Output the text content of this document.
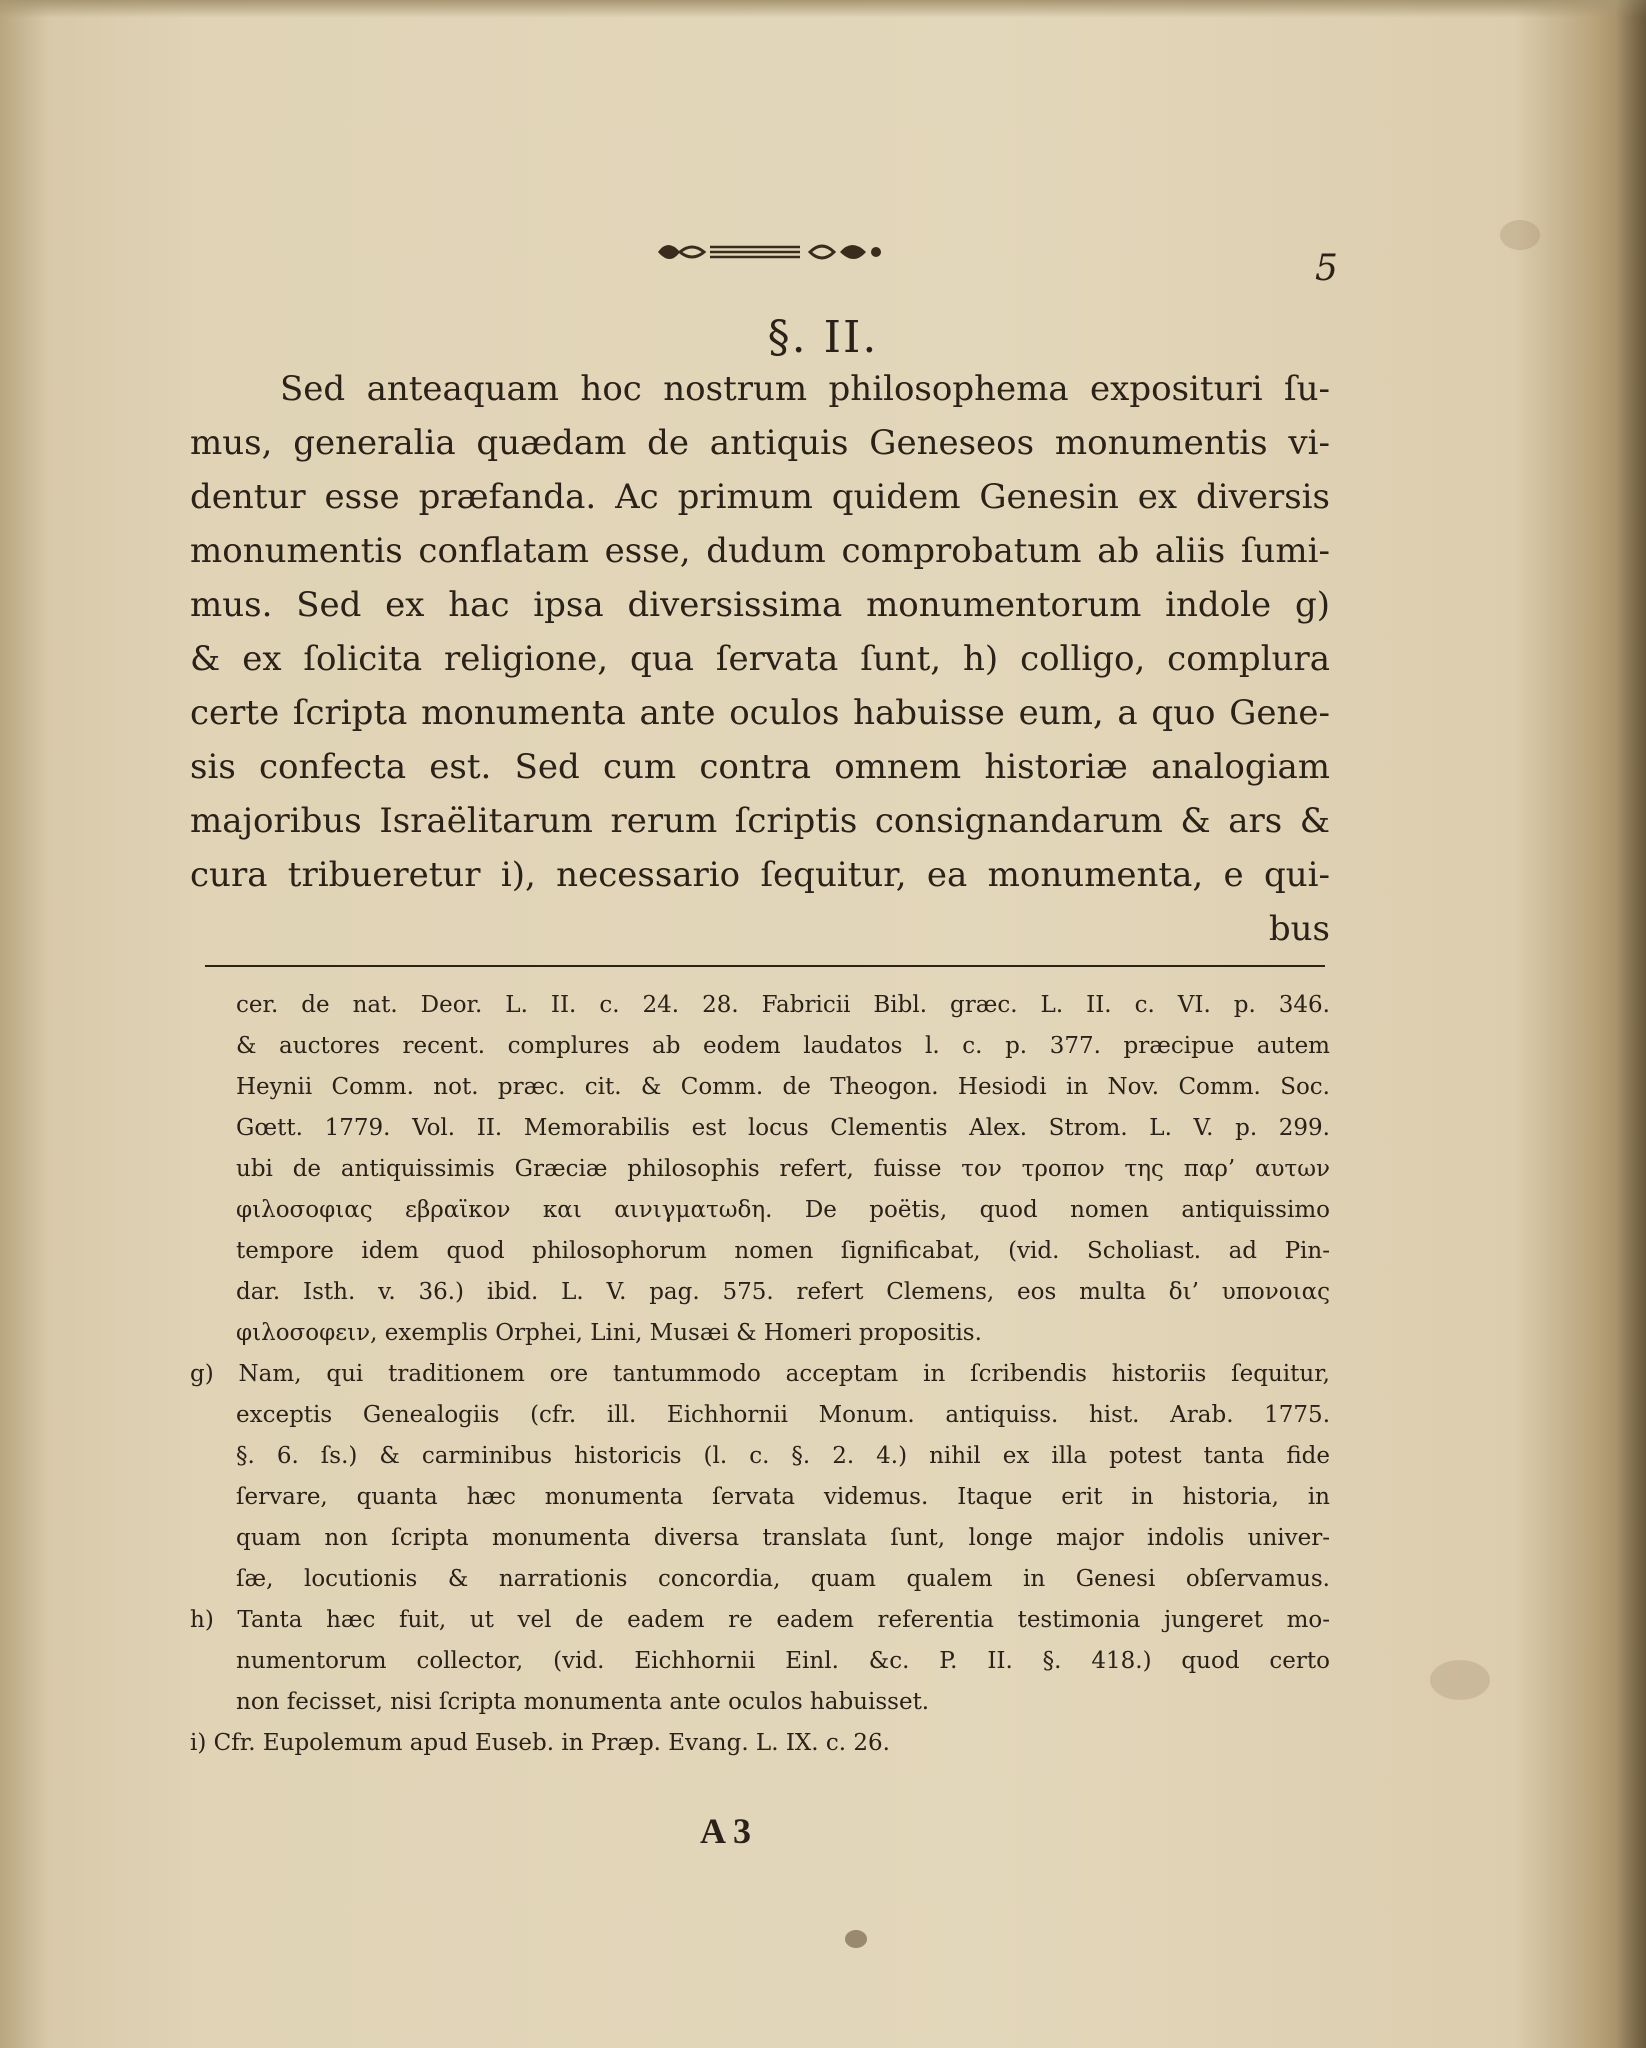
5
§. II.
Sed anteaquam hoc nostrum philosophema exposituri ſu-
mus, generalia quædam de antiquis Geneseos monumentis vi-
dentur esse præfanda. Ac primum quidem Genesin ex diversis
monumentis conflatam esse, dudum comprobatum ab aliis ſumi-
mus. Sed ex hac ipsa diversissima monumentorum indole g)
& ex ſolicita religione, qua ſervata ſunt, h) colligo, complura
certe ſcripta monumenta ante oculos habuisse eum, a quo Gene-
sis confecta est. Sed cum contra omnem historiæ analogiam
majoribus Israëlitarum rerum ſcriptis consignandarum & ars &
cura tribueretur i), necessario ſequitur, ea monumenta, e qui-
bus
cer. de nat. Deor. L. II. c. 24. 28. Fabricii Bibl. græc. L. II. c. VI. p. 346.
& auctores recent. complures ab eodem laudatos l. c. p. 377. præcipue autem
Heynii Comm. not. præc. cit. & Comm. de Theogon. Hesiodi in Nov. Comm. Soc.
Gœtt. 1779. Vol. II. Memorabilis est locus Clementis Alex. Strom. L. V. p. 299.
ubi de antiquissimis Græciæ philosophis refert, fuisse τον τροπον της παρ’ αυτων
φιλοσοφιας εβραϊκον και αινιγματωδη. De poëtis, quod nomen antiquissimo
tempore idem quod philosophorum nomen ſignificabat, (vid. Scholiast. ad Pin-
dar. Isth. v. 36.) ibid. L. V. pag. 575. refert Clemens, eos multa δι’ υπονοιας
φιλοσοφειν, exemplis Orphei, Lini, Musæi & Homeri propositis.
g) Nam, qui traditionem ore tantummodo acceptam in ſcribendis historiis ſequitur,
exceptis Genealogiis (cfr. ill. Eichhornii Monum. antiquiss. hist. Arab. 1775.
§. 6. ſs.) & carminibus historicis (l. c. §. 2. 4.) nihil ex illa potest tanta fide
ſervare, quanta hæc monumenta ſervata videmus. Itaque erit in historia, in
quam non ſcripta monumenta diversa translata ſunt, longe major indolis univer-
ſæ, locutionis & narrationis concordia, quam qualem in Genesi obſervamus.
h) Tanta hæc fuit, ut vel de eadem re eadem referentia testimonia jungeret mo-
numentorum collector, (vid. Eichhornii Einl. &c. P. II. §. 418.) quod certo
non fecisset, nisi ſcripta monumenta ante oculos habuisset.
i) Cfr. Eupolemum apud Euseb. in Præp. Evang. L. IX. c. 26.
A 3
